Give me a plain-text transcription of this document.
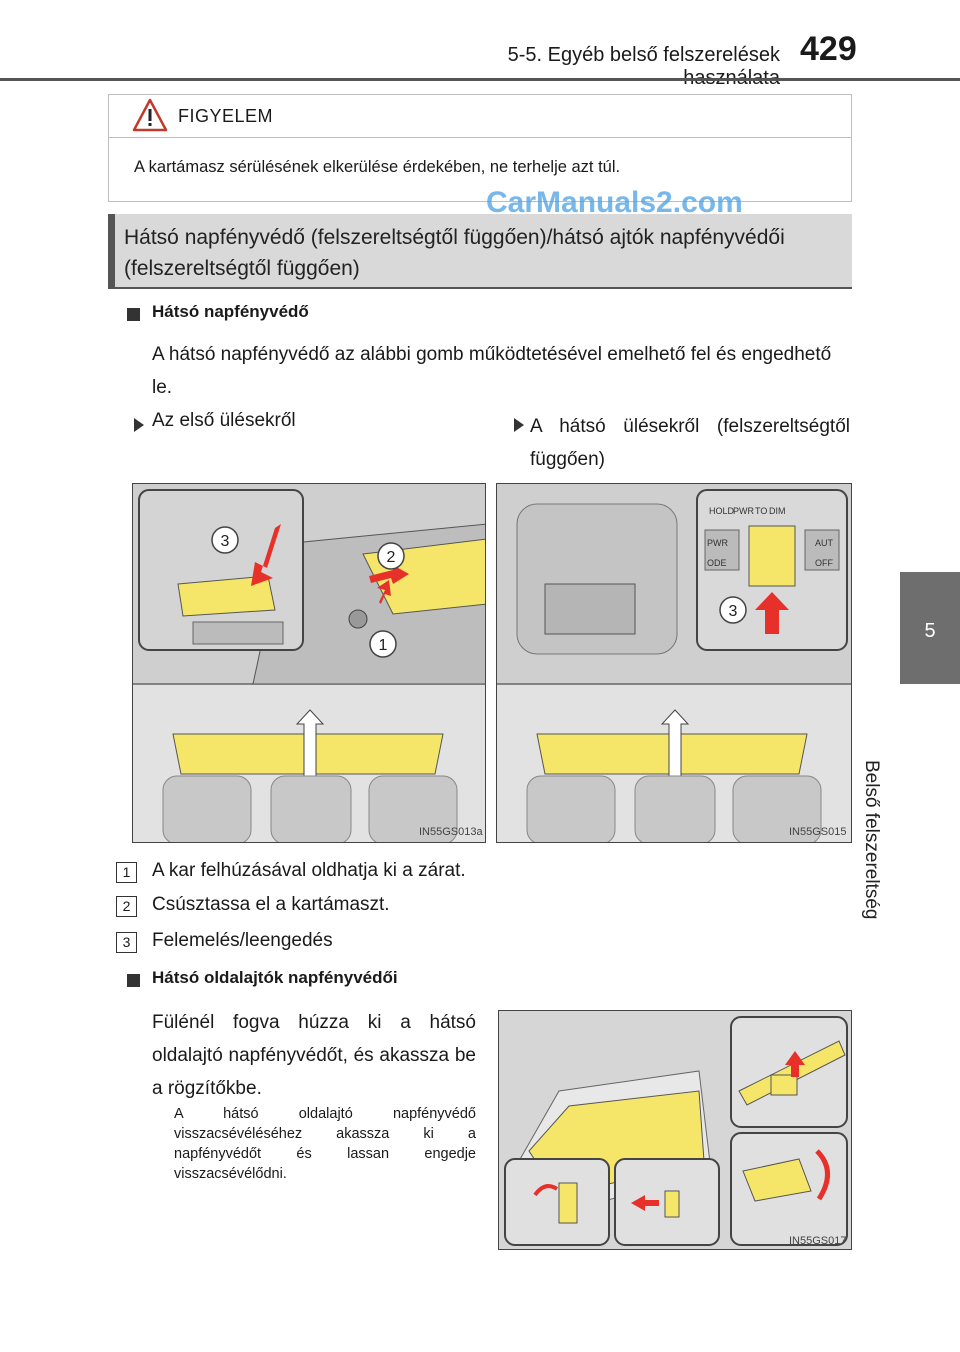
5-5. Egyéb belső felszerelések 429
5
Belső felszereltség
FIGYELEM
A kartámasz sérülésének elkerülése érdekében, ne terhelje azt túl.
Hátsó napfényvédő (felszereltségtől függően)/hátsó ajtók napfényvédői (felszereltségtől függően)
CarManuals2.com
Hátsó napfényvédő
A hátsó napfényvédő az alábbi gomb működtetésével emelhető fel és engedhető le.
Az első ülésekről	A hátsó ülésekről (felszereltségtől függően)
3
2
1
IN55GS013a
3
HOLD
PWR TO DIM
PWR
ODE
AUT
OFF
IN55GS015
1	A kar felhúzásával oldhatja ki a zárat.
2	Csúsztassa el a kartámaszt.
3	Felemelés/leengedés
Hátsó oldalajtók napfényvédői
Fülénél fogva húzza ki a hátsó oldalajtó napfényvédőt, és akassza be a rögzítőkbe.
A hátsó oldalajtó napfényvédő visszacsévéléséhez akassza ki a napfényvédőt és lassan engedje visszacsévélődni.
IN55GS017
